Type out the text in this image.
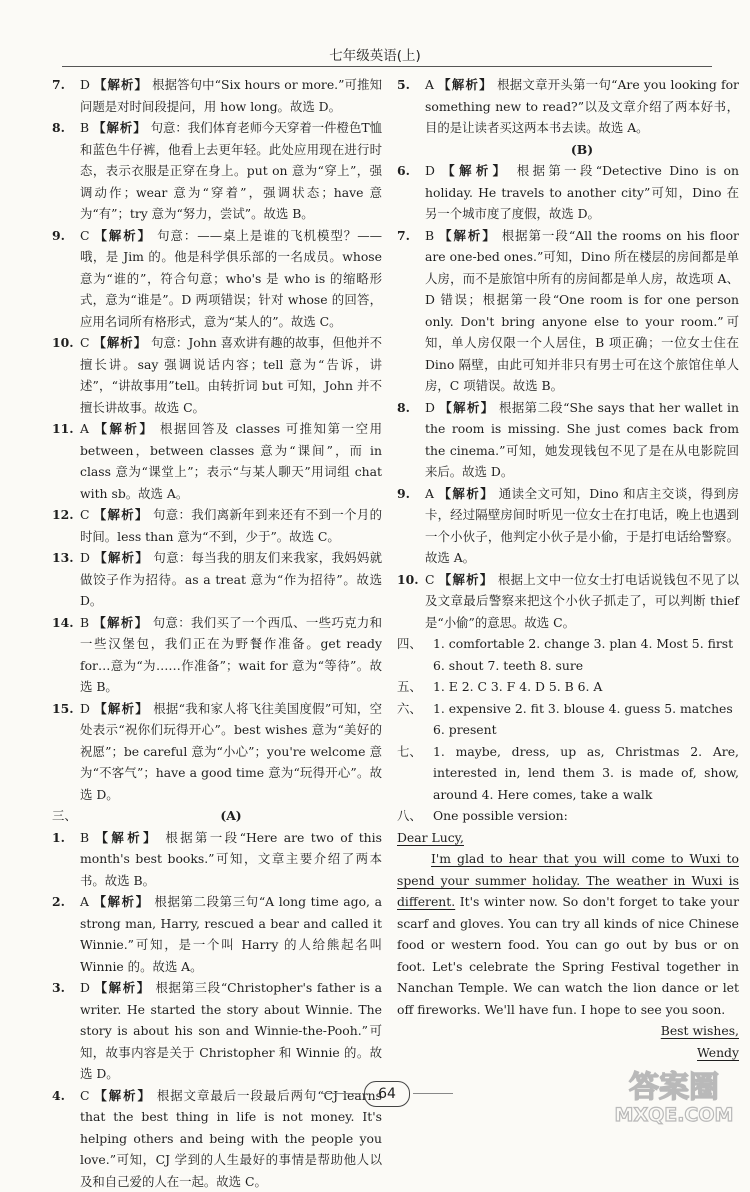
七年级英语(上)
7.	D 【解析】 根据答句中“Six hours or more.”可推知问题是对时间段提问，用 how long。故选 D。
8.	B 【解析】 句意：我们体育老师今天穿着一件橙色T恤和蓝色牛仔裤，他看上去更年轻。此处应用现在进行时态，表示衣服是正穿在身上。put on 意为“穿上”，强调动作；wear 意为“穿着”，强调状态；have 意为“有”；try 意为“努力，尝试”。故选 B。
9.	C 【解析】 句意：——桌上是谁的飞机模型？——哦，是 Jim 的。他是科学俱乐部的一名成员。whose 意为“谁的”，符合句意；who's 是 who is 的缩略形式，意为“谁是”。D 两项错误；针对 whose 的回答，应用名词所有格形式，意为“某人的”。故选 C。
10. C 【解析】 句意：John 喜欢讲有趣的故事，但他并不擅长讲。say 强调说话内容；tell 意为“告诉，讲述”，“讲故事用”tell。由转折词 but 可知，John 并不擅长讲故事。故选 C。
11. A 【解析】 根据回答及 classes 可推知第一空用 between，between classes 意为“课间”，而 in class 意为“课堂上”；表示“与某人聊天”用词组 chat with sb。故选 A。
12. C 【解析】 句意：我们离新年到来还有不到一个月的时间。less than 意为“不到，少于”。故选 C。
13. D 【解析】 句意：每当我的朋友们来我家，我妈妈就做饺子作为招待。as a treat 意为“作为招待”。故选 D。
14. B 【解析】 句意：我们买了一个西瓜、一些巧克力和一些汉堡包，我们正在为野餐作准备。get ready for…意为“为……作准备”；wait for 意为“等待”。故选 B。
15. D 【解析】 根据“我和家人将飞往美国度假”可知，空处表示“祝你们玩得开心”。best wishes 意为“美好的祝愿”；be careful 意为“小心”；you're welcome 意为“不客气”；have a good time 意为“玩得开心”。故选 D。
三、	(A)
1.	B 【解析】 根据第一段“Here are two of this month's best books.”可知，文章主要介绍了两本书。故选 B。
2.	A 【解析】 根据第二段第三句“A long time ago, a strong man, Harry, rescued a bear and called it Winnie.”可知，是一个叫 Harry 的人给熊起名叫 Winnie 的。故选 A。
3.	D 【解析】 根据第三段“Christopher's father is a writer. He started the story about Winnie. The story is about his son and Winnie-the-Pooh.”可知，故事内容是关于 Christopher 和 Winnie 的。故选 D。
4.	C 【解析】 根据文章最后一段最后两句“CJ learns that the best thing in life is not money. It's helping others and being with the people you love.”可知，CJ 学到的人生最好的事情是帮助他人以及和自己爱的人在一起。故选 C。
5.	A 【解析】 根据文章开头第一句“Are you looking for something new to read?”以及文章介绍了两本好书，目的是让读者买这两本书去读。故选 A。
(B)
6.	D 【解析】 根据第一段“Detective Dino is on holiday. He travels to another city”可知，Dino 在另一个城市度了度假，故选 D。
7.	B 【解析】 根据第一段“All the rooms on his floor are one-bed ones.”可知，Dino 所在楼层的房间都是单人房，而不是旅馆中所有的房间都是单人房，故选项 A、D 错误；根据第一段“One room is for one person only. Don't bring anyone else to your room.”可知，单人房仅限一个人居住，B 项正确；一位女士住在 Dino 隔壁，由此可知并非只有男士可在这个旅馆住单人房，C 项错误。故选 B。
8.	D 【解析】 根据第二段“She says that her wallet in the room is missing. She just comes back from the cinema.”可知，她发现钱包不见了是在从电影院回来后。故选 D。
9.	A 【解析】 通读全文可知，Dino 和店主交谈，得到房卡，经过隔壁房间时听见一位女士在打电话，晚上也遇到一个小伙子，他判定小伙子是小偷，于是打电话给警察。故选 A。
10. C 【解析】 根据上文中一位女士打电话说钱包不见了以及文章最后警察来把这个小伙子抓走了，可以判断 thief 是“小偷”的意思。故选 C。
四、 1. comfortable 2. change 3. plan 4. Most 5. first
6. shout 7. teeth 8. sure
五、 1. E 2. C 3. F 4. D 5. B 6. A
六、 1. expensive 2. fit 3. blouse 4. guess 5. matches
6. present
七、 1. maybe, dress, up as, Christmas 2. Are, interested in, lend them 3. is made of, show, around 4. Here comes, take a walk
八、 One possible version:
Dear Lucy,
I'm glad to hear that you will come to Wuxi to spend your summer holiday. The weather in Wuxi is different. It's winter now. So don't forget to take your scarf and gloves. You can try all kinds of nice Chinese food or western food. You can go out by bus or on foot. Let's celebrate the Spring Festival together in Nanchan Temple. We can watch the lion dance or let off fireworks. We'll have fun. I hope to see you soon.
Best wishes,
Wendy
64	答案圈
MXQE.COM
